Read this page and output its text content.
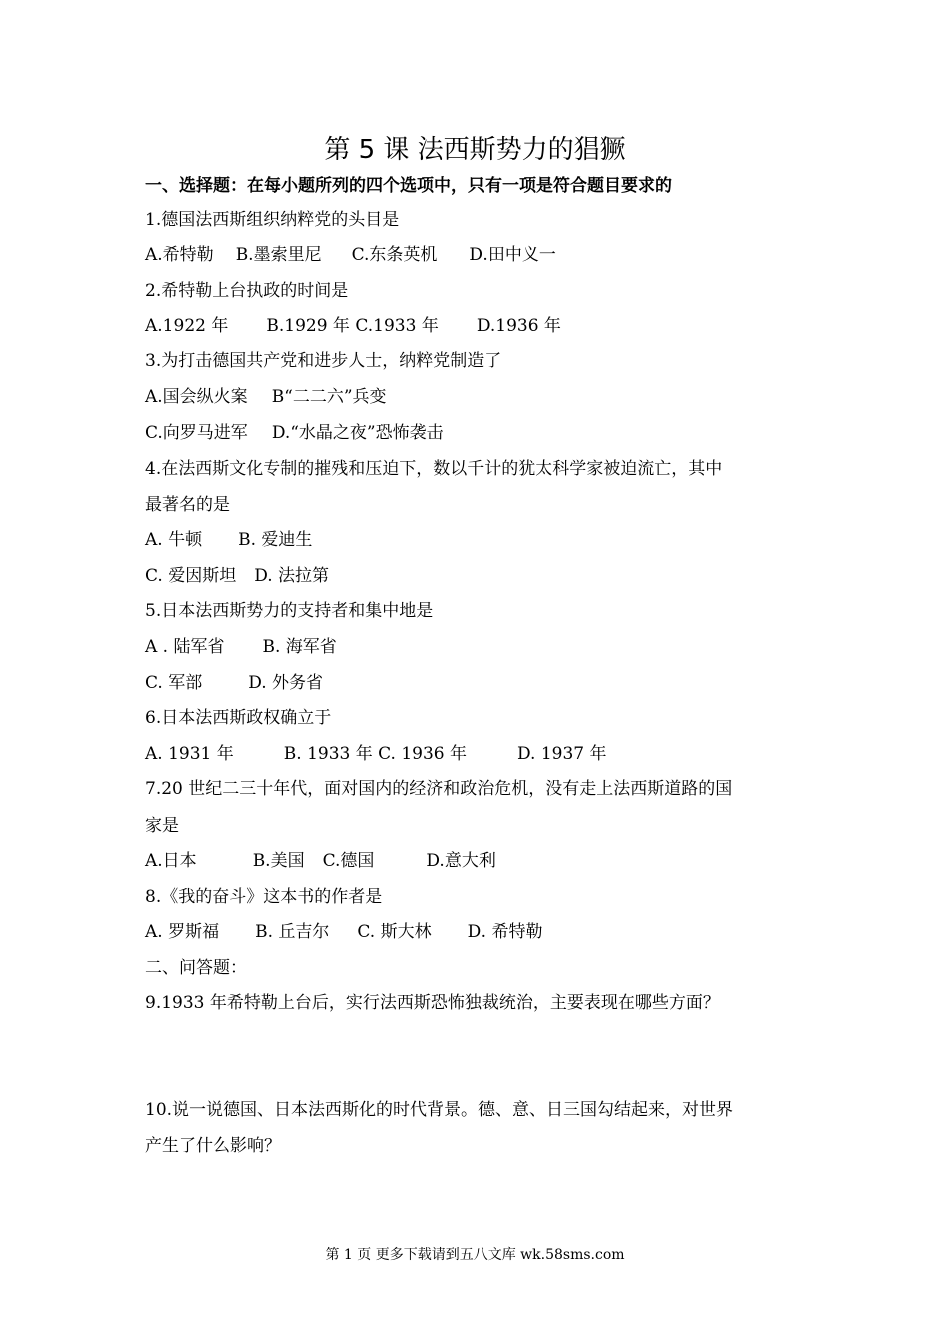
第 5 课 法西斯势力的猖獗
一、选择题：在每小题所列的四个选项中，只有一项是符合题目要求的
1.德国法西斯组织纳粹党的头目是
A.希特勒 B.墨索里尼 C.东条英机 D.田中义一
2.希特勒上台执政的时间是
A.1922 年 B.1929 年 C.1933 年 D.1936 年
3.为打击德国共产党和进步人士，纳粹党制造了
A.国会纵火案 B“二二六”兵变
C.向罗马进军 D.“水晶之夜”恐怖袭击
4.在法西斯文化专制的摧残和压迫下，数以千计的犹太科学家被迫流亡，其中
最著名的是
A. 牛顿 B. 爱迪生
C. 爱因斯坦 D. 法拉第
5.日本法西斯势力的支持者和集中地是
A . 陆军省 B. 海军省
C. 军部	D. 外务省
6.日本法西斯政权确立于
A. 1931 年	B. 1933 年 C. 1936 年	D. 1937 年
7.20 世纪二三十年代，面对国内的经济和政治危机，没有走上法西斯道路的国
家是
A.日本	B.美国 C.德国	D.意大利
8.《我的奋斗》这本书的作者是
A. 罗斯福 B. 丘吉尔 C. 斯大林 D. 希特勒
二、问答题：
9.1933 年希特勒上台后，实行法西斯恐怖独裁统治，主要表现在哪些方面？
10.说一说德国、日本法西斯化的时代背景。德、意、日三国勾结起来，对世界
产生了什么影响？
第 1 页 更多下载请到五八文库 wk.58sms.com
